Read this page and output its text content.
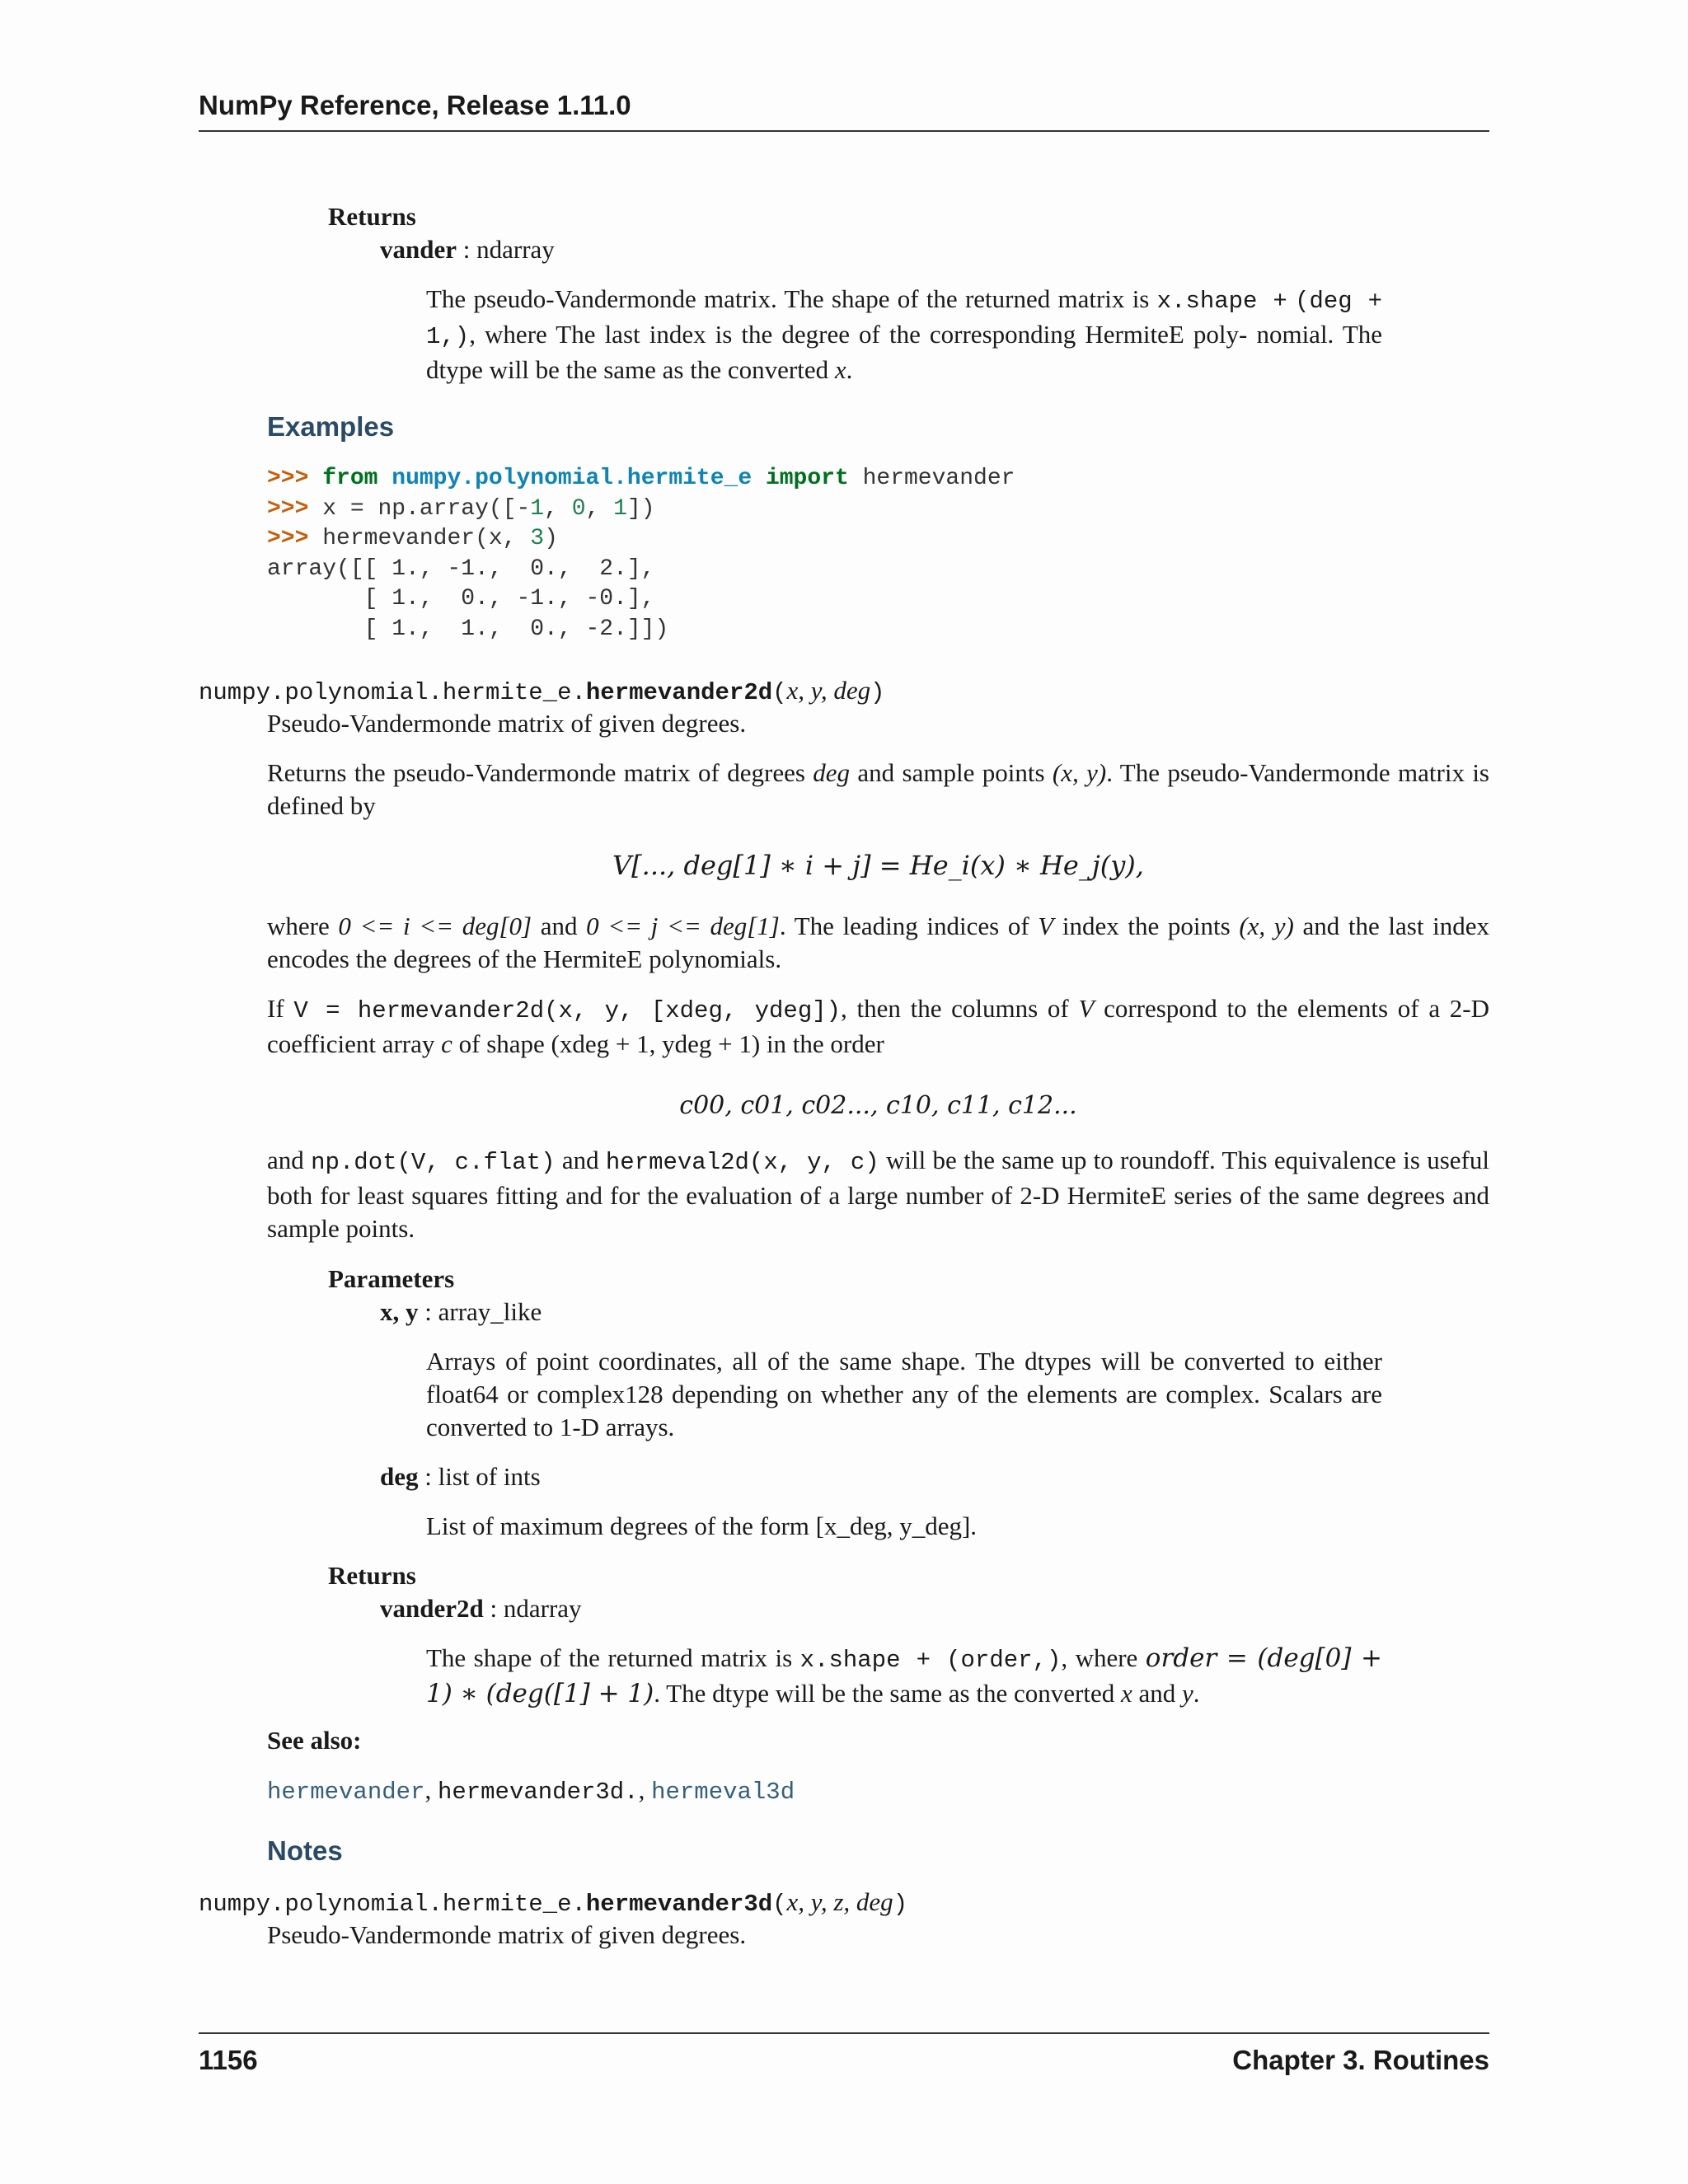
NumPy Reference, Release 1.11.0
Returns
vander : ndarray
The pseudo-Vandermonde matrix. The shape of the returned matrix is x.shape + (deg + 1,), where The last index is the degree of the corresponding HermiteE poly- nomial. The dtype will be the same as the converted x.
Examples
>>> from numpy.polynomial.hermite_e import hermevander
>>> x = np.array([-1, 0, 1])
>>> hermevander(x, 3)
array([[ 1., -1.,  0.,  2.],
[ 1.,  0., -1., -0.],
[ 1.,  1.,  0., -2.]])
numpy.polynomial.hermite_e.hermevander2d(x, y, deg)
Pseudo-Vandermonde matrix of given degrees.
Returns the pseudo-Vandermonde matrix of degrees deg and sample points (x, y). The pseudo-Vandermonde matrix is defined by
V[..., deg[1] ∗ i + j] = He_i(x) ∗ He_j(y),
where 0 <= i <= deg[0] and 0 <= j <= deg[1]. The leading indices of V index the points (x, y) and the last index encodes the degrees of the HermiteE polynomials.
If V = hermevander2d(x, y, [xdeg, ydeg]), then the columns of V correspond to the elements of a 2-D coefficient array c of shape (xdeg + 1, ydeg + 1) in the order
c00, c01, c02..., c10, c11, c12...
and np.dot(V, c.flat) and hermeval2d(x, y, c) will be the same up to roundoff. This equivalence is useful both for least squares fitting and for the evaluation of a large number of 2-D HermiteE series of the same degrees and sample points.
Parameters
x, y : array_like
Arrays of point coordinates, all of the same shape. The dtypes will be converted to either float64 or complex128 depending on whether any of the elements are complex. Scalars are converted to 1-D arrays.
deg : list of ints
List of maximum degrees of the form [x_deg, y_deg].
Returns
vander2d : ndarray
The shape of the returned matrix is x.shape + (order,), where order = (deg[0] + 1) ∗ (deg([1] + 1). The dtype will be the same as the converted x and y.
See also:
hermevander, hermevander3d., hermeval3d
Notes
numpy.polynomial.hermite_e.hermevander3d(x, y, z, deg)
Pseudo-Vandermonde matrix of given degrees.
1156	Chapter 3. Routines
